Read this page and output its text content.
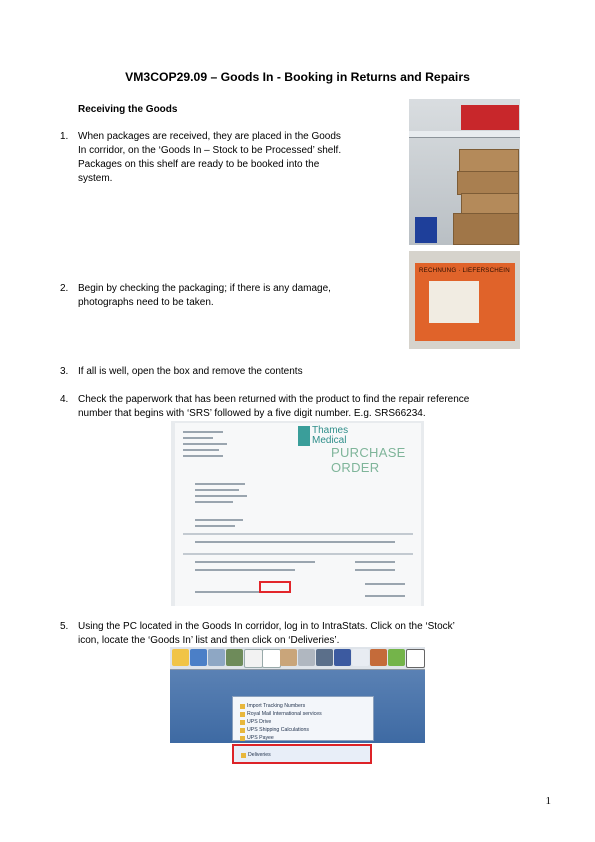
VM3COP29.09 – Goods In - Booking in Returns and Repairs
Receiving the Goods
1. When packages are received, they are placed in the Goods
In corridor, on the ‘Goods In – Stock to be Processed’ shelf.
Packages on this shelf are ready to be booked into the
system.
2. Begin by checking the packaging; if there is any damage,
photographs need to be taken.
3. If all is well, open the box and remove the contents
4. Check the paperwork that has been returned with the product to find the repair reference
number that begins with ‘SRS’ followed by a five digit number. E.g. SRS66234.
5. Using the PC located in the Goods In corridor, log in to IntraStats. Click on the ‘Stock’
icon, locate the ‘Goods In’ list and then click on ‘Deliveries’.
RECHNUNG · LIEFERSCHEIN
Thames
Medical
PURCHASE ORDER
Import Tracking Numbers
Royal Mail International services
UPS Drive
UPS Shipping Calculations
UPS Payee
Deliveries
1
